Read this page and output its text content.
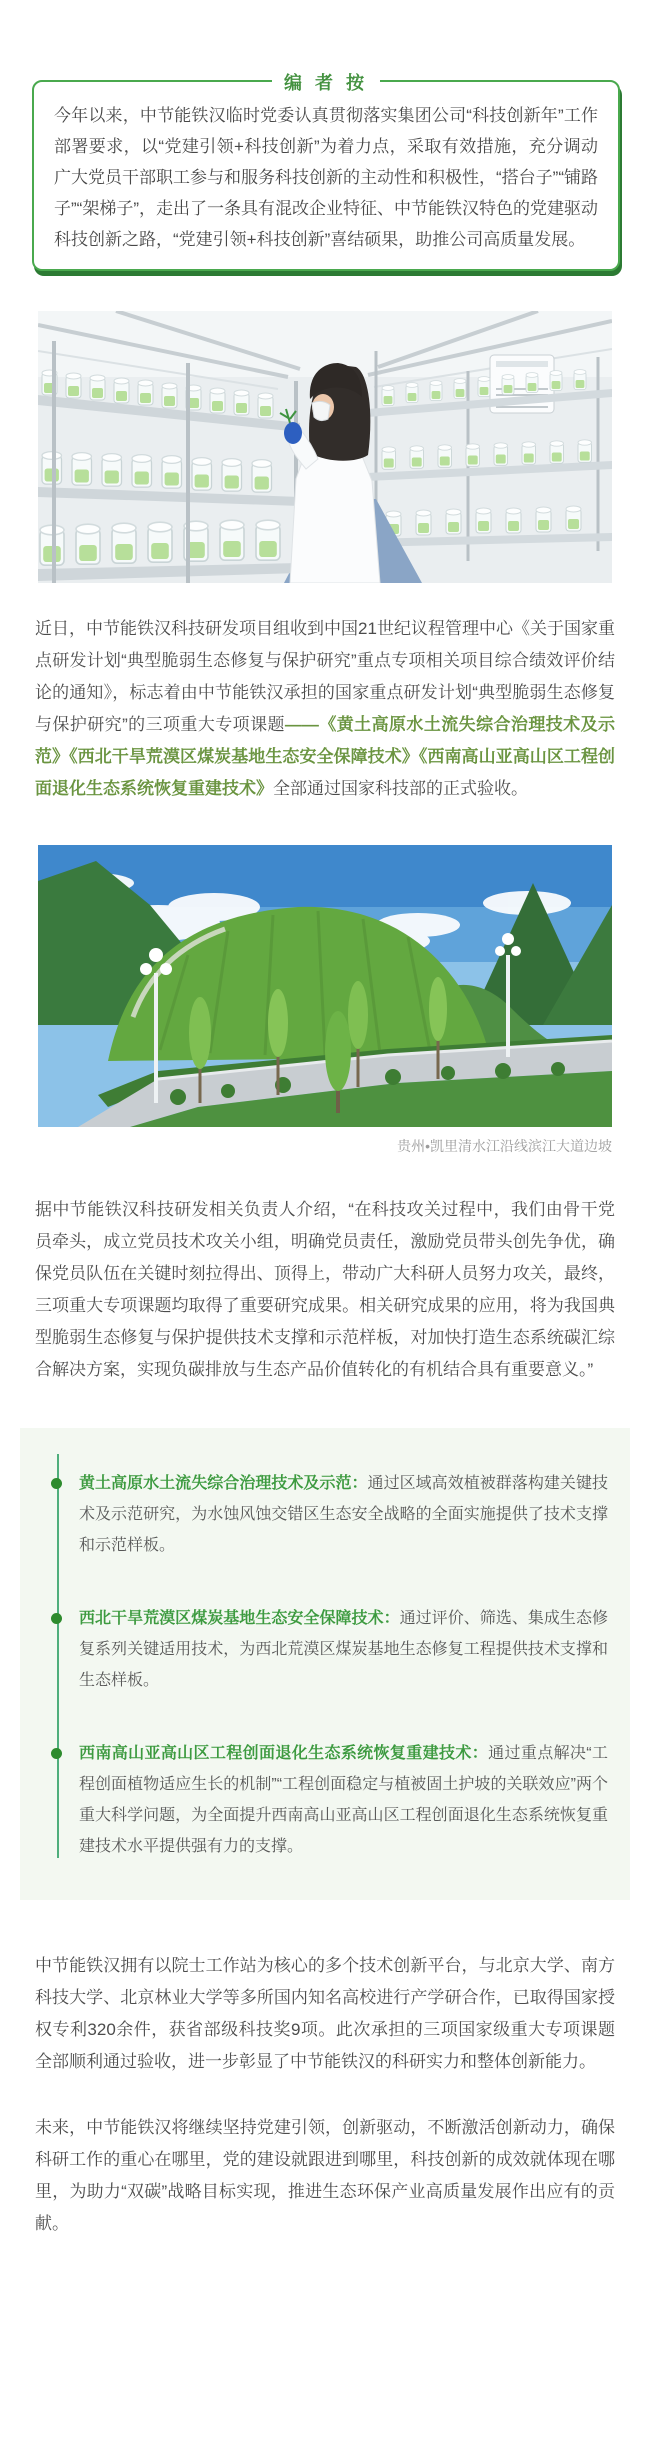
编 者 按

今年以来，中节能铁汉临时党委认真贯彻落实集团公司“科技创新年”工作部署要求，以“党建引领+科技创新”为着力点，采取有效措施，充分调动广大党员干部职工参与和服务科技创新的主动性和积极性，“搭台子”“铺路子”“架梯子”，走出了一条具有混改企业特征、中节能铁汉特色的党建驱动科技创新之路，“党建引领+科技创新”喜结硕果，助推公司高质量发展。

近日，中节能铁汉科技研发项目组收到中国21世纪议程管理中心《关于国家重点研发计划“典型脆弱生态修复与保护研究”重点专项相关项目综合绩效评价结论的通知》，标志着由中节能铁汉承担的国家重点研发计划“典型脆弱生态修复与保护研究”的三项重大专项课题——《黄土高原水土流失综合治理技术及示范》《西北干旱荒漠区煤炭基地生态安全保障技术》《西南高山亚高山区工程创面退化生态系统恢复重建技术》全部通过国家科技部的正式验收。

贵州•凯里清水江沿线滨江大道边坡

据中节能铁汉科技研发相关负责人介绍，“在科技攻关过程中，我们由骨干党员牵头，成立党员技术攻关小组，明确党员责任，激励党员带头创先争优，确保党员队伍在关键时刻拉得出、顶得上，带动广大科研人员努力攻关，最终，三项重大专项课题均取得了重要研究成果。相关研究成果的应用，将为我国典型脆弱生态修复与保护提供技术支撑和示范样板，对加快打造生态系统碳汇综合解决方案，实现负碳排放与生态产品价值转化的有机结合具有重要意义。”

黄土高原水土流失综合治理技术及示范：通过区域高效植被群落构建关键技术及示范研究，为水蚀风蚀交错区生态安全战略的全面实施提供了技术支撑和示范样板。
西北干旱荒漠区煤炭基地生态安全保障技术：通过评价、筛选、集成生态修复系列关键适用技术，为西北荒漠区煤炭基地生态修复工程提供技术支撑和生态样板。
西南高山亚高山区工程创面退化生态系统恢复重建技术：通过重点解决“工程创面植物适应生长的机制”“工程创面稳定与植被固土护坡的关联效应”两个重大科学问题，为全面提升西南高山亚高山区工程创面退化生态系统恢复重建技术水平提供强有力的支撑。

中节能铁汉拥有以院士工作站为核心的多个技术创新平台，与北京大学、南方科技大学、北京林业大学等多所国内知名高校进行产学研合作，已取得国家授权专利320余件，获省部级科技奖9项。此次承担的三项国家级重大专项课题全部顺利通过验收，进一步彰显了中节能铁汉的科研实力和整体创新能力。

未来，中节能铁汉将继续坚持党建引领，创新驱动，不断激活创新动力，确保科研工作的重心在哪里，党的建设就跟进到哪里，科技创新的成效就体现在哪里，为助力“双碳”战略目标实现，推进生态环保产业高质量发展作出应有的贡献。
